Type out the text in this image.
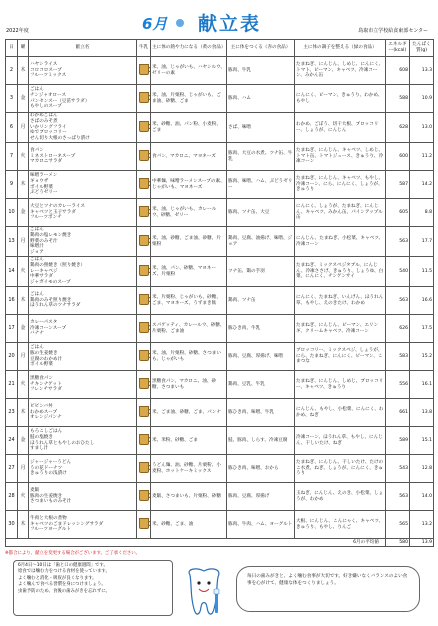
2022年度	6月 献立表	鳥取市立学校給食東部センター
日	曜	献立名	牛乳	主に体の熱や力になる（黄の食品）	主に体をつくる（赤の食品）	主に体の調子を整える（緑の食品）	エネルギー(kcal)	たんぱく質(g)
2	木	ハヤシライス
コロコロスープ
フルーツミックス		米、油、じゃがいも、ハヤシルウ、ゼリーの素	豚肉、牛乳	たまねぎ、にんじん、しめじ、にんにく、トマト、ピーマン、キャベツ、冷凍コーン、みかん缶	608	13.3
3	金	ごはん
チンジャオロース
パンセンスー（豆苗サラダ）
もやしのスープ		米、油、片栗粉、じゃがいも、ごま油、砂糖、ごま	豚肉、ハム	にんにく、ピーマン、きゅうり、わかめ、もやし	588	10.9
6	月	わかめごはん
さばのみそ煮
いかリングフライ
ゆでブロッコリー
せん切り大根のさっぱり漬け		米、砂糖、油、パン粉、小麦粉、ごま	さば、味噌	わかめ、ごぼう、切干大根、ブロッコリー、しょうが、にんじん	628	13.0
7	火	食パン
ミネストローネスープ
マカロニサラダ		食パン、マカロニ、マヨネーズ	豚肉、大豆の水煮、ツナ缶、牛乳	たまねぎ、にんじん、キャベツ、しめじ、トマト缶、トマトジュース、きゅうり、冷凍コーン	600	11.2
9	木	味噌ラーメン
ギョウザ
ボイル野菜
ぶどうゼリー		中華麺、味噌ラーメンスープの素、じゃがいも、マヨネーズ	豚肉、味噌、ハム、ぶどうゼリー	たまねぎ、にんじん、キャベツ、もやし、冷凍コーン、にら、にんにく、しょうが、きゅうり	587	14.2
10	金	大豆とツナのカレーライス
キャベツと玉子サラダ
フルーツポンチ		米、油、じゃがいも、カレールウ、砂糖、ゼリー	豚肉、ツナ缶、大豆	にんにく、しょうが、たまねぎ、にんじん、キャベツ、みかん缶、パインアップル缶	605	8.8
13	月	ごはん
鶏肉の塩レモン焼き
野菜のみそ汁
味噌汁
ジョア		米、油、砂糖、ごま油、砂糖、片栗粉	鶏肉、豆腐、油揚げ、味噌、ジョア	にんじん、たまねぎ、小松菜、キャベツ、冷凍コーン	563	17.7
14	火	ごはん
鶏肉の照焼き（照り焼き）
レーキャベジ
中華サラダ
ジャガイモのスープ		米、油、パン、砂糖、マヨネーズ、片栗粉	ツナ缶、鶏の手羽	たまねぎ、ミックスベジタブル、にんじん、冷凍ささげ、きゅうり、しょうゆ、白菜、にんにく、チンゲンサイ	540	11.5
16	木	ごはん
鶏肉のみそ照り焼き
ほうれん草のツナサラダ		米、片栗粉、じゃがいも、砂糖、ごま、マヨネーズ、うずまき麸	鶏肉、ツナ缶	にんにく、たまねぎ、いんげん、ほうれん草、もやし、えのきたけ、わかめ	563	16.6
17	金	カレーパスタ
冷凍コーンスープ
バナナ		スパゲッティ、カレールウ、砂糖、片栗粉、ごま油	豚ひき肉、牛乳	たまねぎ、にんじん、ピーマン、エリンギ、クリームキャベツ、冷凍コーン	626	17.5
20	月	ごはん
豚の生姜焼き
豆腐のわかめ汁
ボイル野菜		米、油、片栗粉、砂糖、さつまいも、じゃがいも	豚肉、豆腐、厚揚げ、味噌	ブロッコリー、ミックスベジ、しょうが、にら、たまねぎ、にんにく、ピーマン、こまつな	583	15.2
21	火	黒糖食パン
チキンナゲット
フレンチサラダ		黒糖食パン、マカロニ、油、砂糖、さつまいも	鶏肉、豆乳、牛乳	たまねぎ、にんじん、しめじ、ブロッコリー、キャベツ、きゅうり	556	16.1
23	木	ビビンバ丼
わかめスープ
オレンジパンナ		米、ごま油、砂糖、ごま、パンナ	豚ひき肉、味噌、牛乳	にんじん、もやし、小松菜、にんにく、わかめ、ねぎ	661	13.8
24	金	もろこしごはん
鮭の塩焼き
ほうれん草ともやしのおひたし
すまし汁		米、米粉、砂糖、ごま	鮭、豚肉、しらす、冷凍豆腐	冷凍コーン、ほうれん草、もやし、にんじん、干しいたけ、ねぎ	589	15.1
27	月	ジャージャーうどん
うの花ドーナツ
きゅうりの浅漬け		うどん麺、油、砂糖、片栗粉、小麦粉、ホットケーキミックス	豚ひき肉、味噌、おから	たまねぎ、にんじん、干しいたけ、たけのこ水煮、ねぎ、しょうが、にんにく、きゅうり	543	12.8
28	火	麦飯
豚肉の生姜焼き
さつまいものみそ汁		麦飯、さつまいも、片栗粉、砂糖	豚肉、豆腐、厚揚げ	玉ねぎ、にんじん、えのき、小松菜、しょうが、わかめ	563	14.0
30	木	牛肉と大根の煮物
キャベツのごまドレッシングサラダ
フルーツヨーグルト		米、砂糖、ごま、油	豚肉、牛肉、ハム、ヨーグルト	大根、にんじん、こんにゃく、キャベツ、きゅうり、もやし、りんご	565	13.2
6月の平均値							580	13.9
※都合により、献立を変更する場合がございます。ご了承ください。
6月4日〜10日は「歯と口の健康週間」です。
給食では噛む力をつける食材を使っています。
よく噛むと消化・吸収が良くなります。
よく噛んで食べる習慣を身につけましょう。
虫歯予防のため、食後の歯みがきを忘れずに。
毎日の歯みがきと、よく噛む食事が大切です。好き嫌いなくバランスのよい食事を心がけて、健康な体をつくりましょう。
